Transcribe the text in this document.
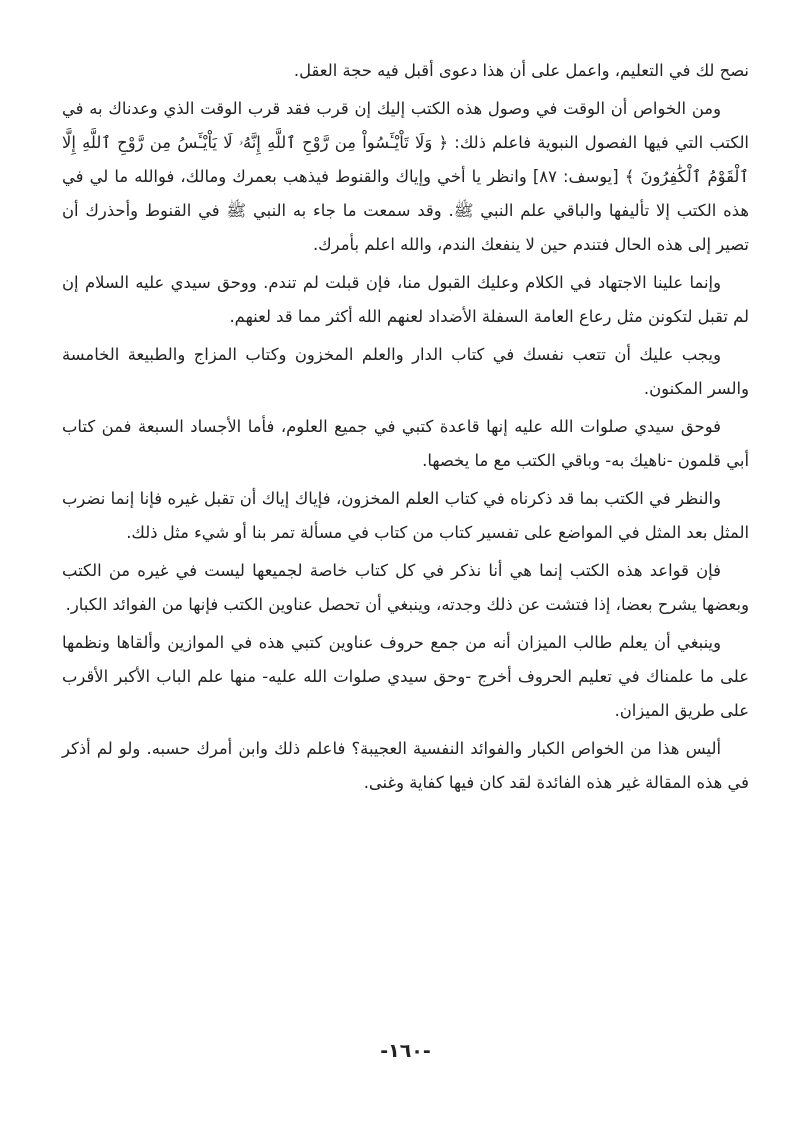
نصح لك في التعليم، واعمل على أن هذا دعوى أقبل فيه حجة العقل.

ومن الخواص أن الوقت في وصول هذه الكتب إليك إن قرب فقد قرب الوقت الذي وعدناك به في الكتب التي فيها الفصول النبوية فاعلم ذلك: ﴿ وَلَا تَاْيْـَٔسُواْ مِن رَّوْحِ ٱللَّهِ إِنَّهُۥ لَا يَاْيْـَٔسُ مِن رَّوْحِ ٱللَّهِ إِلَّا ٱلْقَوْمُ ٱلْكَٰفِرُونَ ﴾ [يوسف: ٨٧] وانظر يا أخي وإياك والقنوط فيذهب بعمرك ومالك، فوالله ما لي في هذه الكتب إلا تأليفها والباقي علم النبي ﷺ. وقد سمعت ما جاء به النبي ﷺ في القنوط وأحذرك أن تصير إلى هذه الحال فتندم حين لا ينفعك الندم، والله اعلم بأمرك.

وإنما علينا الاجتهاد في الكلام وعليك القبول منا، فإن قبلت لم تندم. ووحق سيدي عليه السلام إن لم تقبل لتكونن مثل رعاع العامة السفلة الأضداد لعنهم الله أكثر مما قد لعنهم.

ويجب عليك أن تتعب نفسك في كتاب الدار والعلم المخزون وكتاب المزاج والطبيعة الخامسة والسر المكنون.

فوحق سيدي صلوات الله عليه إنها قاعدة كتبي في جميع العلوم، فأما الأجساد السبعة فمن كتاب أبي قلمون -ناهيك به- وباقي الكتب مع ما يخصها.

والنظر في الكتب بما قد ذكرناه في كتاب العلم المخزون، فإياك إياك أن تقبل غيره فإنا إنما نضرب المثل بعد المثل في المواضع على تفسير كتاب من كتاب في مسألة تمر بنا أو شيء مثل ذلك.

فإن قواعد هذه الكتب إنما هي أنا نذكر في كل كتاب خاصة لجميعها ليست في غيره من الكتب وبعضها يشرح بعضا، إذا فتشت عن ذلك وجدته، وينبغي أن تحصل عناوين الكتب فإنها من الفوائد الكبار.

وينبغي أن يعلم طالب الميزان أنه من جمع حروف عناوين كتبي هذه في الموازين وألقاها ونظمها على ما علمناك في تعليم الحروف أخرج -وحق سيدي صلوات الله عليه- منها علم الباب الأكبر الأقرب على طريق الميزان.

أليس هذا من الخواص الكبار والفوائد النفسية العجيبة؟ فاعلم ذلك وابن أمرك حسبه. ولو لم أذكر في هذه المقالة غير هذه الفائدة لقد كان فيها كفاية وغنى.

-١٦٠-
